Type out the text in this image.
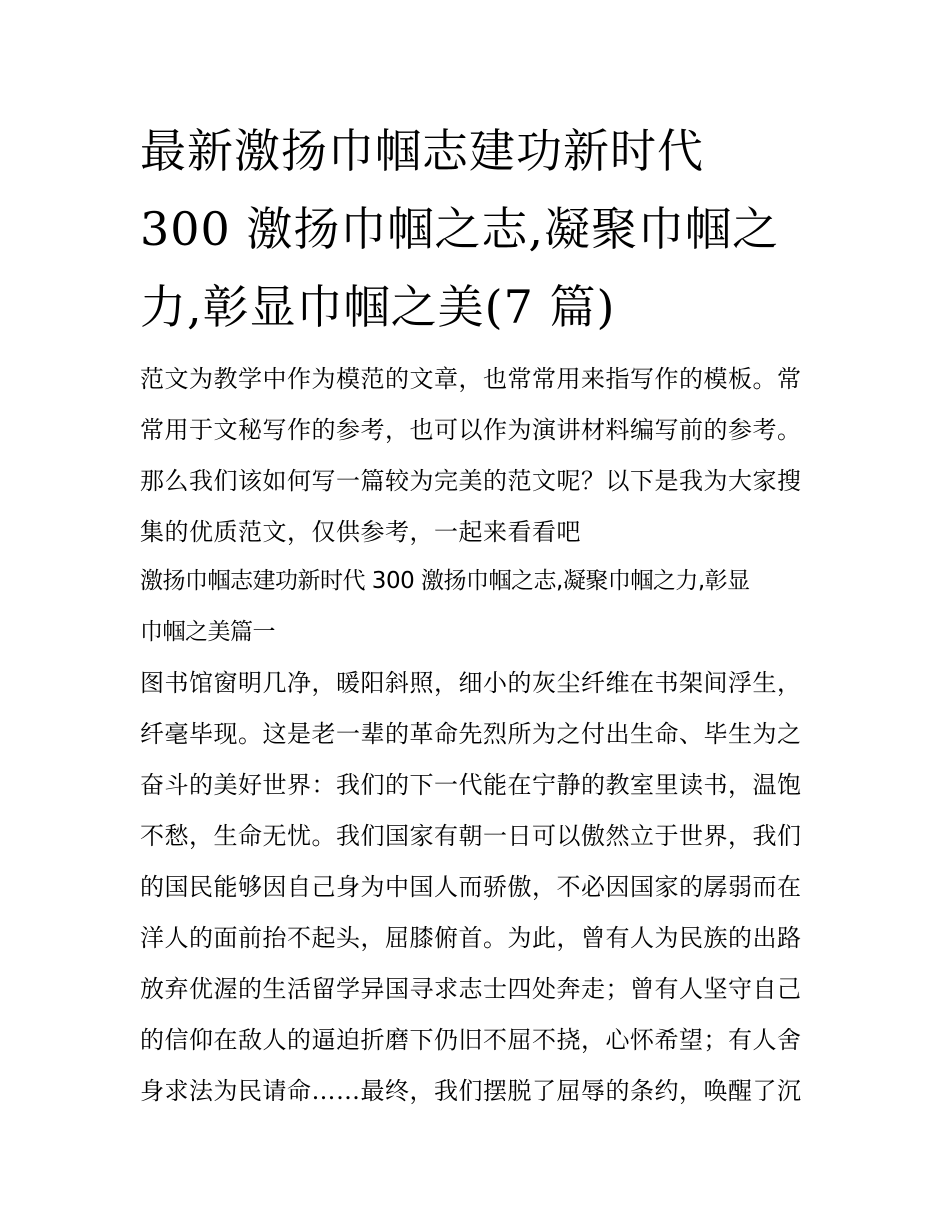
最新激扬巾帼志建功新时代
300 激扬巾帼之志,凝聚巾帼之
力,彰显巾帼之美(7 篇)

范文为教学中作为模范的文章，也常常用来指写作的模板。常
常用于文秘写作的参考，也可以作为演讲材料编写前的参考。
那么我们该如何写一篇较为完美的范文呢？以下是我为大家搜
集的优质范文，仅供参考，一起来看看吧

激扬巾帼志建功新时代 300 激扬巾帼之志,凝聚巾帼之力,彰显
巾帼之美篇一

图书馆窗明几净，暖阳斜照，细小的灰尘纤维在书架间浮生，
纤毫毕现。这是老一辈的革命先烈所为之付出生命、毕生为之
奋斗的美好世界：我们的下一代能在宁静的教室里读书，温饱
不愁，生命无忧。我们国家有朝一日可以傲然立于世界，我们
的国民能够因自己身为中国人而骄傲，不必因国家的孱弱而在
洋人的面前抬不起头，屈膝俯首。为此，曾有人为民族的出路
放弃优渥的生活留学异国寻求志士四处奔走；曾有人坚守自己
的信仰在敌人的逼迫折磨下仍旧不屈不挠，心怀希望；有人舍
身求法为民请命……最终，我们摆脱了屈辱的条约，唤醒了沉
